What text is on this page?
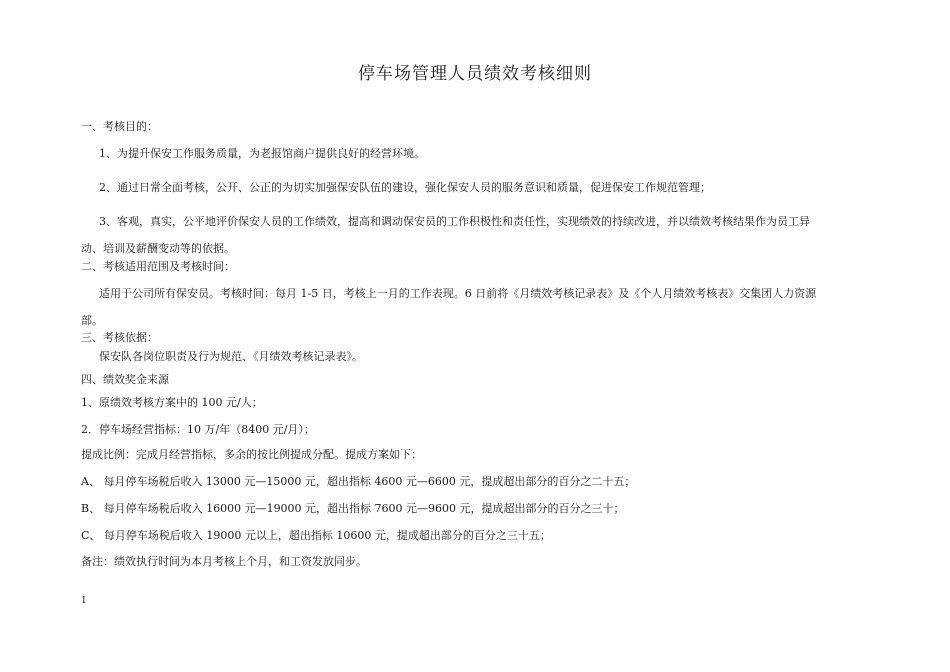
停车场管理人员绩效考核细则
一、考核目的：
1、为提升保安工作服务质量，为老报馆商户提供良好的经营环境。
2、通过日常全面考核，公开、公正的为切实加强保安队伍的建设，强化保安人员的服务意识和质量，促进保安工作规范管理；
3、客观，真实，公平地评价保安人员的工作绩效，提高和调动保安员的工作积极性和责任性，实现绩效的持续改进，并以绩效考核结果作为员工异
动、培训及薪酬变动等的依据。
二、考核适用范围及考核时间：
适用于公司所有保安员。考核时间：每月 1-5 日，考核上一月的工作表现。6 日前将《月绩效考核记录表》及《个人月绩效考核表》交集团人力资源
部。
三、考核依据：
保安队各岗位职责及行为规范、《月绩效考核记录表》。
四、绩效奖金来源
1、原绩效考核方案中的 100 元/人；
2．停车场经营指标：10 万/年（8400 元/月）；
提成比例：完成月经营指标，多余的按比例提成分配。提成方案如下：
A、 每月停车场税后收入 13000 元—15000 元，超出指标 4600 元—6600 元，提成超出部分的百分之二十五；
B、 每月停车场税后收入 16000 元—19000 元，超出指标 7600 元—9600 元，提成超出部分的百分之三十；
C、 每月停车场税后收入 19000 元以上，超出指标 10600 元，提成超出部分的百分之三十五；
备注：绩效执行时间为本月考核上个月，和工资发放同步。
1
